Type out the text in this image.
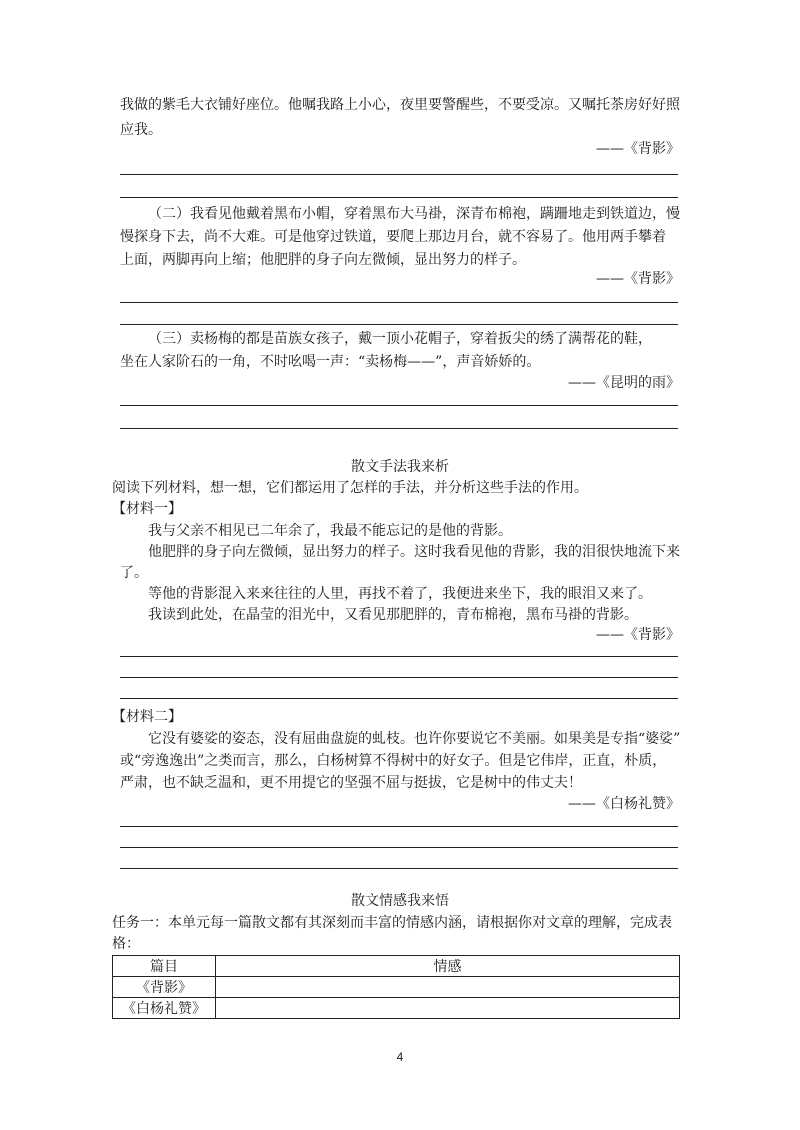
我做的紫毛大衣铺好座位。他嘱我路上小心，夜里要警醒些，不要受凉。又嘱托茶房好好照
应我。
——《背影》
（二）我看见他戴着黑布小帽，穿着黑布大马褂，深青布棉袍，蹒跚地走到铁道边，慢
慢探身下去，尚不大难。可是他穿过铁道，要爬上那边月台，就不容易了。他用两手攀着
上面，两脚再向上缩；他肥胖的身子向左微倾，显出努力的样子。
——《背影》
（三）卖杨梅的都是苗族女孩子，戴一顶小花帽子，穿着扳尖的绣了满帮花的鞋，
坐在人家阶石的一角，不时吆喝一声：“卖杨梅——”，声音娇娇的。
——《昆明的雨》
散文手法我来析
阅读下列材料，想一想，它们都运用了怎样的手法，并分析这些手法的作用。
【材料一】
我与父亲不相见已二年余了，我最不能忘记的是他的背影。
他肥胖的身子向左微倾，显出努力的样子。这时我看见他的背影，我的泪很快地流下来
了。
等他的背影混入来来往往的人里，再找不着了，我便进来坐下，我的眼泪又来了。
我读到此处，在晶莹的泪光中，又看见那肥胖的，青布棉袍，黑布马褂的背影。
——《背影》
【材料二】
它没有婆娑的姿态，没有屈曲盘旋的虬枝。也许你要说它不美丽。如果美是专指“婆娑”
或“旁逸逸出”之类而言，那么，白杨树算不得树中的好女子。但是它伟岸，正直，朴质，
严肃，也不缺乏温和，更不用提它的坚强不屈与挺拔，它是树中的伟丈夫！
——《白杨礼赞》
散文情感我来悟
任务一：本单元每一篇散文都有其深刻而丰富的情感内涵，请根据你对文章的理解，完成表
格：
篇目	情感
《背影》	
《白杨礼赞》	
4
